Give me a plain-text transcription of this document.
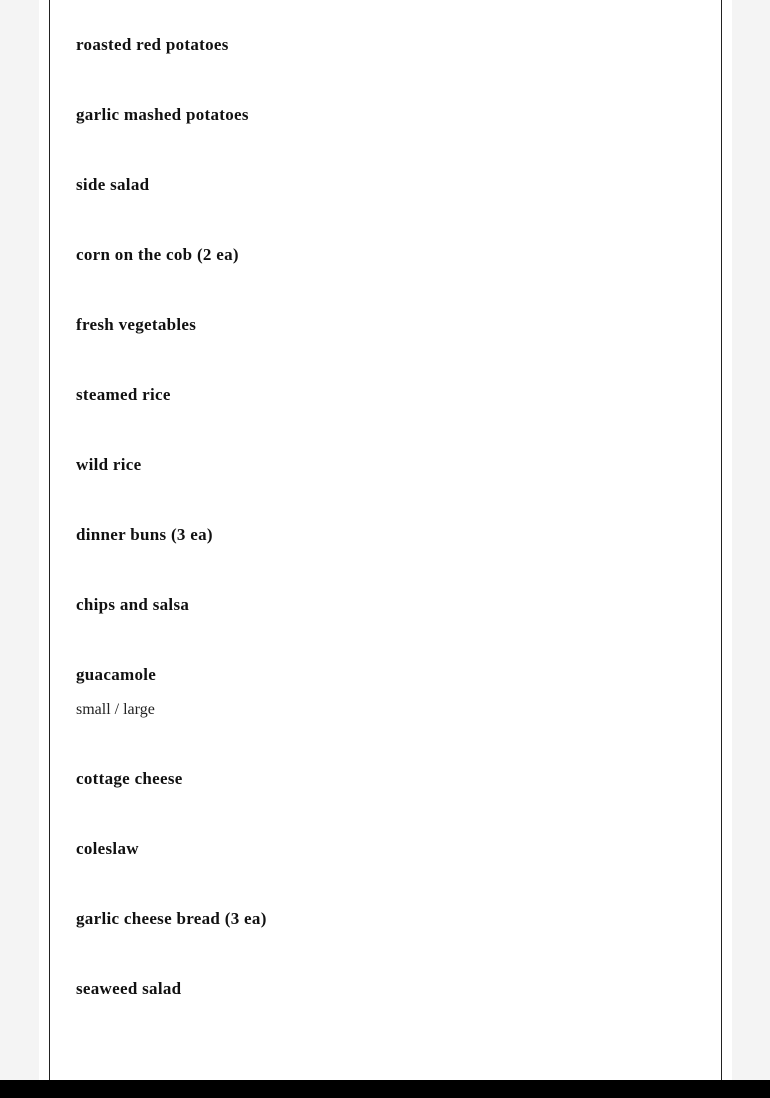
roasted red potatoes
garlic mashed potatoes
side salad
corn on the cob (2 ea)
fresh vegetables
steamed rice
wild rice
dinner buns (3 ea)
chips and salsa
guacamole
small / large
cottage cheese
coleslaw
garlic cheese bread (3 ea)
seaweed salad
